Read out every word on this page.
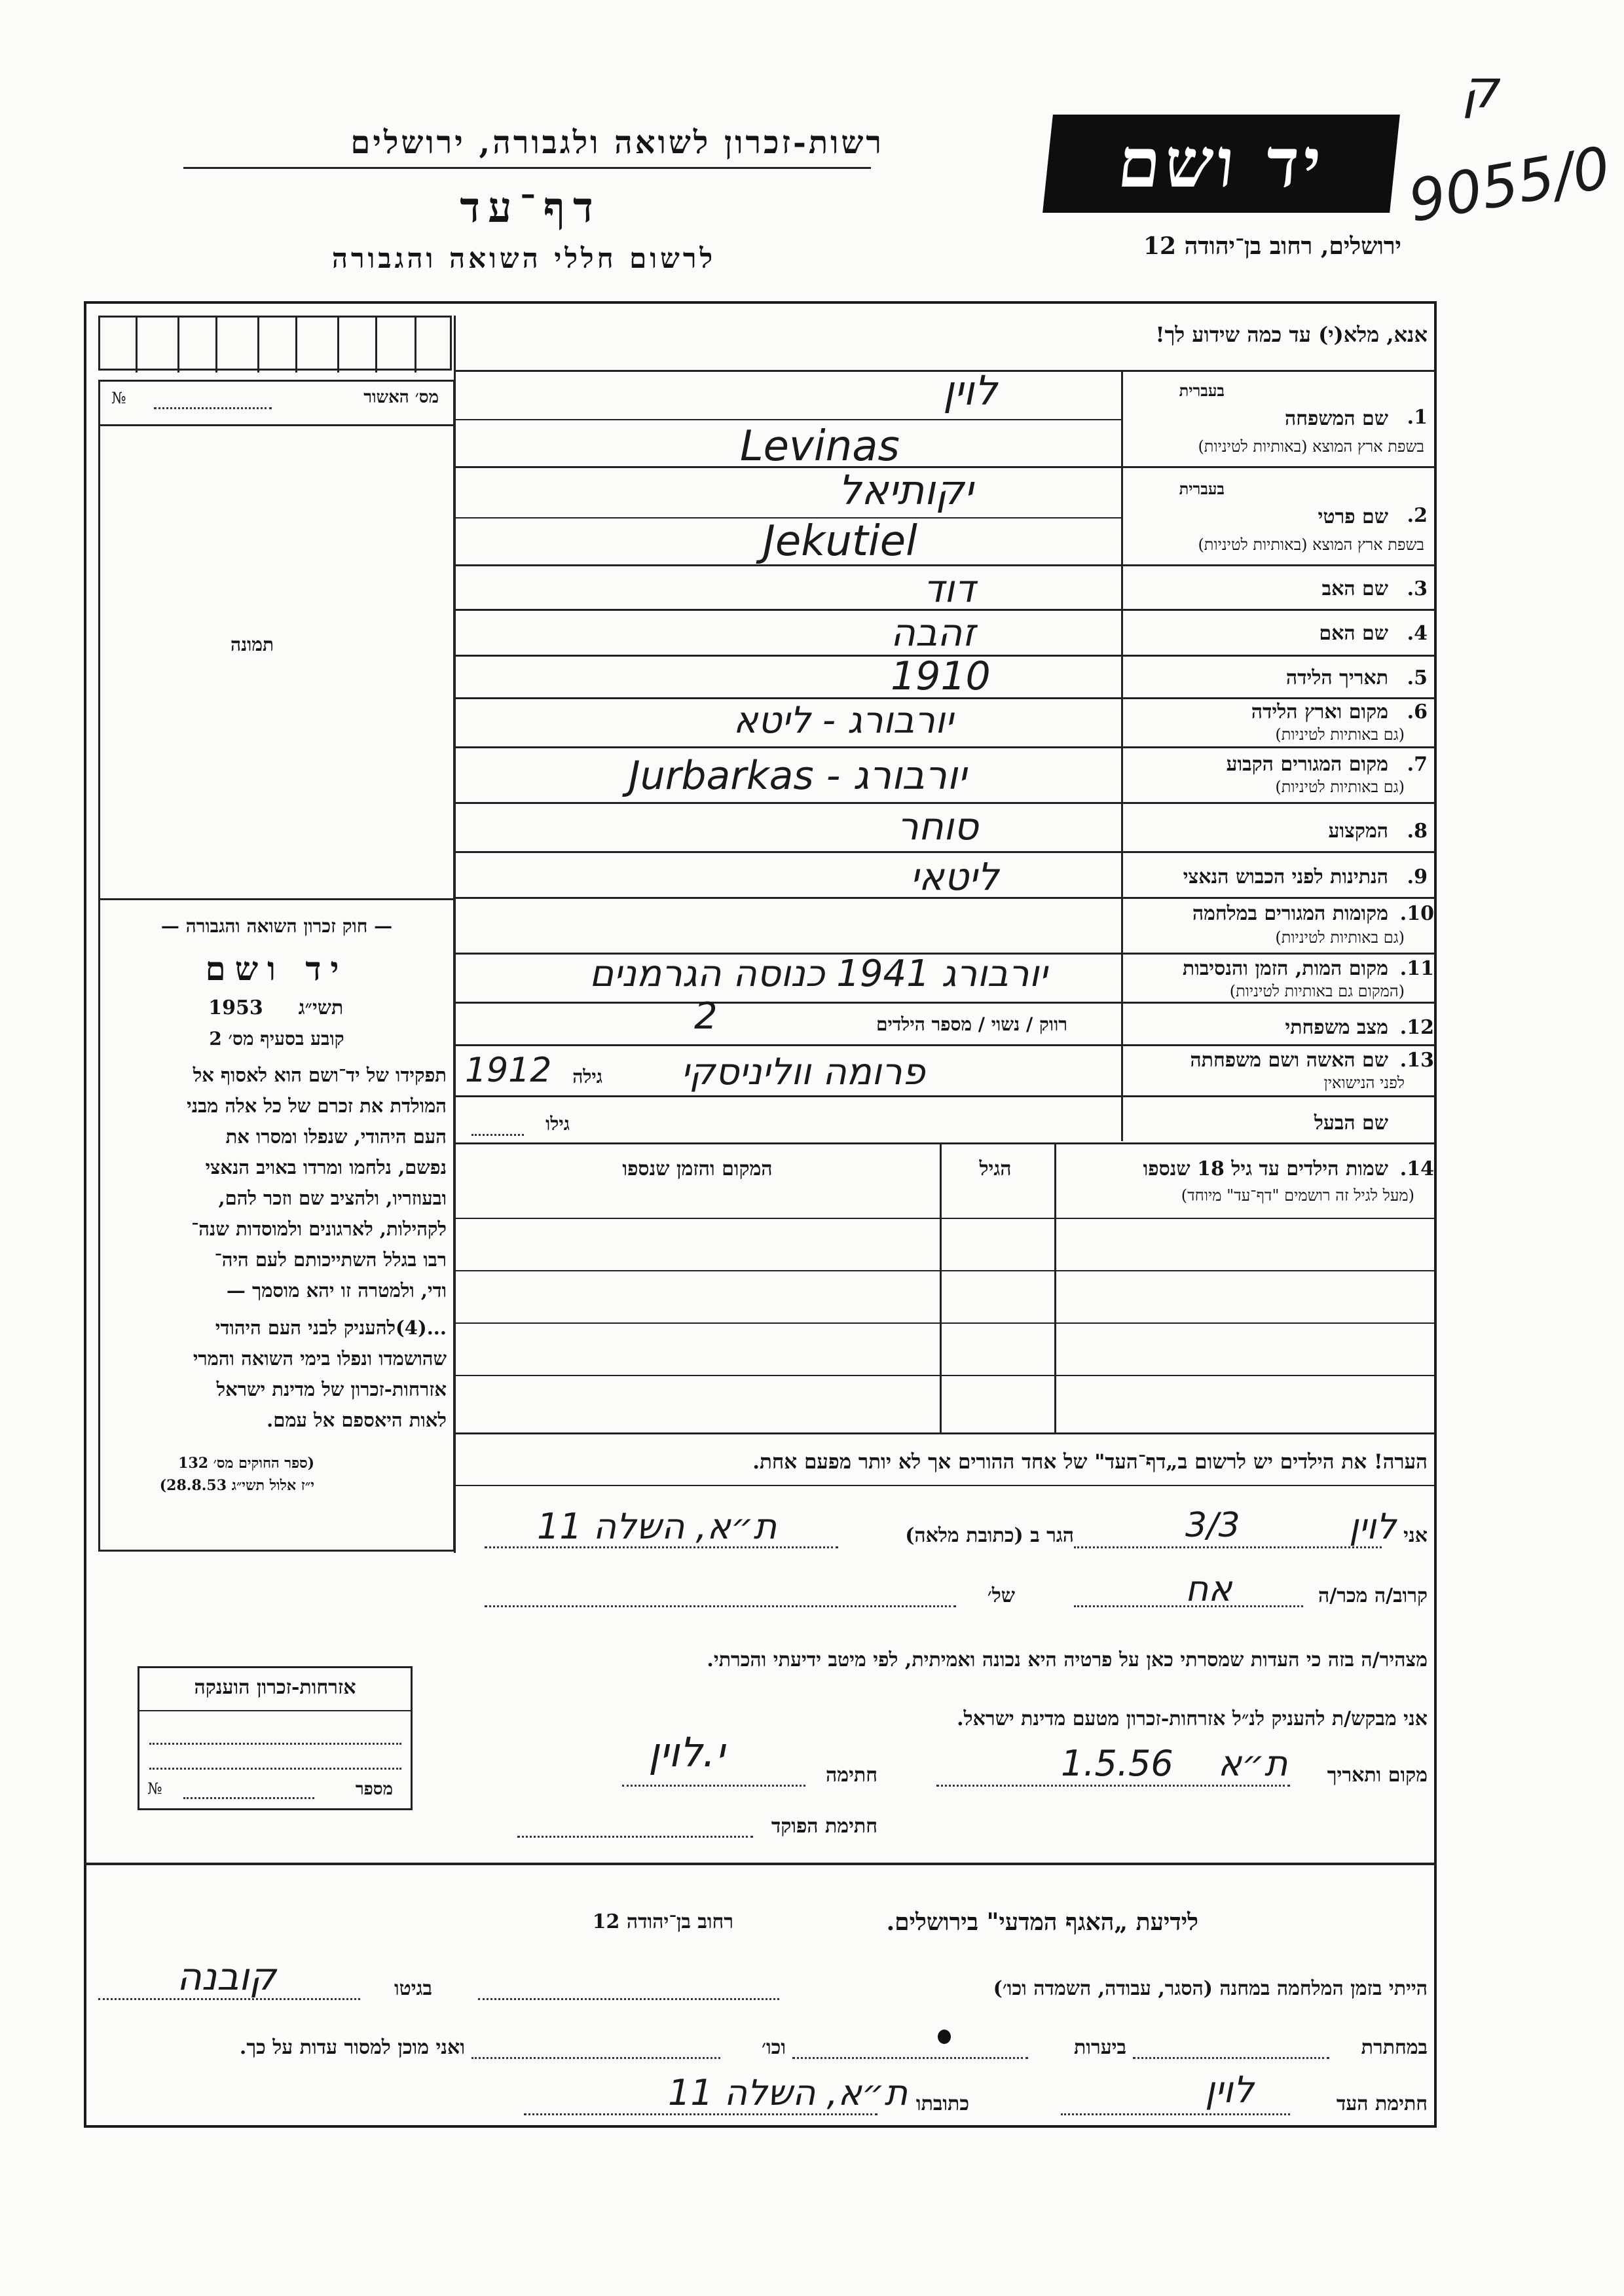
ק
9055/0
רשות-זכרון לשואה ולגבורה, ירושלים
דף־עד
לרשום חללי השואה והגבורה
יד ושם
ירושלים, רחוב בן־יהודה 12
אנא, מלא(י) עד כמה שידוע לך!
מס׳ האשור
№
תמונה
— חוק זכרון השואה והגבורה —
יד ושם
תשי״ג
1953
קובע בסעיף מס׳ 2
תפקידו של יד־ושם הוא לאסוף אל
המולדת את זכרם של כל אלה מבני
העם היהודי, שנפלו ומסרו את
נפשם, נלחמו ומרדו באויב הנאצי
ובעוזריו, ולהציב שם וזכר להם,
לקהילות, לארגונים ולמוסדות שנה־
רבו בגלל השתייכותם לעם היה־
ודי, ולמטרה זו יהא מוסמך —
...(4)להעניק לבני העם היהודי
שהושמדו ונפלו בימי השואה והמרי
אזרחות-זכרון של מדינת ישראל
לאות היאספם אל עמם.
(ספר החוקים מס׳ 132
י״ז אלול תשי״ג 28.8.53)
בעברית
1.
שם המשפחה
בשפת ארץ המוצא (באותיות לטיניות)
לוין
Levinas
בעברית
2.
שם פרטי
בשפת ארץ המוצא (באותיות לטיניות)
יקותיאל
Jekutiel
3.
שם האב
דוד
4.
שם האם
זהבה
5.
תאריך הלידה
1910
6.
מקום וארץ הלידה
(גם באותיות לטיניות)
יורבורג - ליטא
7.
מקום המגורים הקבוע
(גם באותיות לטיניות)
Jurbarkas - יורבורג
8.
המקצוע
סוחר
9.
הנתינות לפני הכבוש הנאצי
ליטאי
10.
מקומות המגורים במלחמה
(גם באותיות לטיניות)
11.
מקום המות, הזמן והנסיבות
(המקום גם באותיות לטיניות)
יורבורג 1941 כנוסה הגרמנים
12.
מצב משפחתי
רווק / נשוי / מספר הילדים
2
13.
שם האשה ושם משפחתה
לפני הנישואין
גילה
1912	פרומה ווליניסקי
שם הבעל
גילו
14.
שמות הילדים עד גיל 18 שנספו
(מעל לגיל זה רושמים "דף־עד" מיוחד)
הגיל
המקום והזמן שנספו
הערה! את הילדים יש לרשום ב„דף־העד" של אחד ההורים אך לא יותר מפעם אחת.
אני
לוין
3/3
הגר ב (כתובת מלאה)
ת״א, השלה 11
קרוב/ה מכר/ה
אח
של׳
מצהיר/ה בזה כי העדות שמסרתי כאן על פרטיה היא נכונה ואמיתית, לפי מיטב ידיעתי והכרתי.
אני מבקש/ת להעניק לנ״ל אזרחות-זכרון מטעם מדינת ישראל.
מקום ותאריך
ת״א
1.5.56
חתימה
י.לוין
חתימת הפוקד
אזרחות-זכרון הוענקה
מספר
№
לידיעת „האגף המדעי" בירושלים.
רחוב בן־יהודה 12
הייתי בזמן המלחמה במחנה (הסגר, עבודה, השמדה וכו׳)
בגיטו
קובנה
במחתרת
ביערות
וכו׳
ואני מוכן למסור עדות על כך.
חתימת העד
לוין
כתובתו
ת״א, השלה 11
